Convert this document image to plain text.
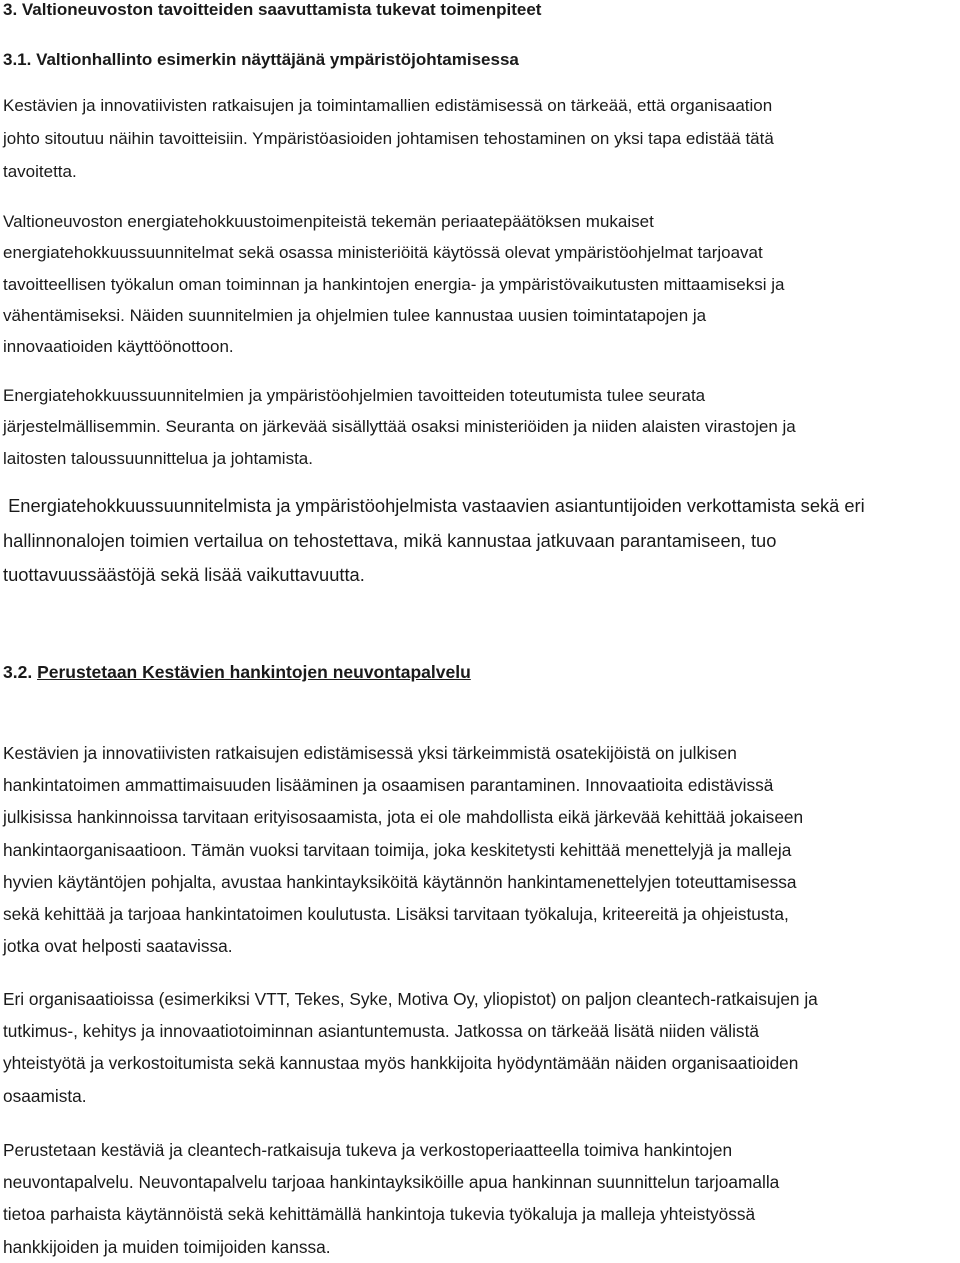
3. Valtioneuvoston tavoitteiden saavuttamista tukevat toimenpiteet
3.1. Valtionhallinto esimerkin näyttäjänä ympäristöjohtamisessa

Kestävien ja innovatiivisten ratkaisujen ja toimintamallien edistämisessä on tärkeää, että organisaation
johto sitoutuu näihin tavoitteisiin. Ympäristöasioiden johtamisen tehostaminen on yksi tapa edistää tätä
tavoitetta.

Valtioneuvoston energiatehokkuustoimenpiteistä tekemän periaatepäätöksen mukaiset
energiatehokkuussuunnitelmat sekä osassa ministeriöitä käytössä olevat ympäristöohjelmat tarjoavat
tavoitteellisen työkalun oman toiminnan ja hankintojen energia- ja ympäristövaikutusten mittaamiseksi ja
vähentämiseksi. Näiden suunnitelmien ja ohjelmien tulee kannustaa uusien toimintatapojen ja
innovaatioiden käyttöönottoon.

Energiatehokkuussuunnitelmien ja ympäristöohjelmien tavoitteiden toteutumista tulee seurata
järjestelmällisemmin. Seuranta on järkevää sisällyttää osaksi ministeriöiden ja niiden alaisten virastojen ja
laitosten taloussuunnittelua ja johtamista.

Energiatehokkuussuunnitelmista ja ympäristöohjelmista vastaavien asiantuntijoiden verkottamista sekä eri
hallinnonalojen toimien vertailua on tehostettava, mikä kannustaa jatkuvaan parantamiseen, tuo
tuottavuussäästöjä sekä lisää vaikuttavuutta.

3.2. Perustetaan Kestävien hankintojen neuvontapalvelu

Kestävien ja innovatiivisten ratkaisujen edistämisessä yksi tärkeimmistä osatekijöistä on julkisen
hankintatoimen ammattimaisuuden lisääminen ja osaamisen parantaminen. Innovaatioita edistävissä
julkisissa hankinnoissa tarvitaan erityisosaamista, jota ei ole mahdollista eikä järkevää kehittää jokaiseen
hankintaorganisaatioon. Tämän vuoksi tarvitaan toimija, joka keskitetysti kehittää menettelyjä ja malleja
hyvien käytäntöjen pohjalta, avustaa hankintayksiköitä käytännön hankintamenettelyjen toteuttamisessa
sekä kehittää ja tarjoaa hankintatoimen koulutusta. Lisäksi tarvitaan työkaluja, kriteereitä ja ohjeistusta,
jotka ovat helposti saatavissa.

Eri organisaatioissa (esimerkiksi VTT, Tekes, Syke, Motiva Oy, yliopistot) on paljon cleantech-ratkaisujen ja
tutkimus-, kehitys ja innovaatiotoiminnan asiantuntemusta. Jatkossa on tärkeää lisätä niiden välistä
yhteistyötä ja verkostoitumista sekä kannustaa myös hankkijoita hyödyntämään näiden organisaatioiden
osaamista.

Perustetaan kestäviä ja cleantech-ratkaisuja tukeva ja verkostoperiaatteella toimiva hankintojen
neuvontapalvelu. Neuvontapalvelu tarjoaa hankintayksiköille apua hankinnan suunnittelun tarjoamalla
tietoa parhaista käytännöistä sekä kehittämällä hankintoja tukevia työkaluja ja malleja yhteistyössä
hankkijoiden ja muiden toimijoiden kanssa.
